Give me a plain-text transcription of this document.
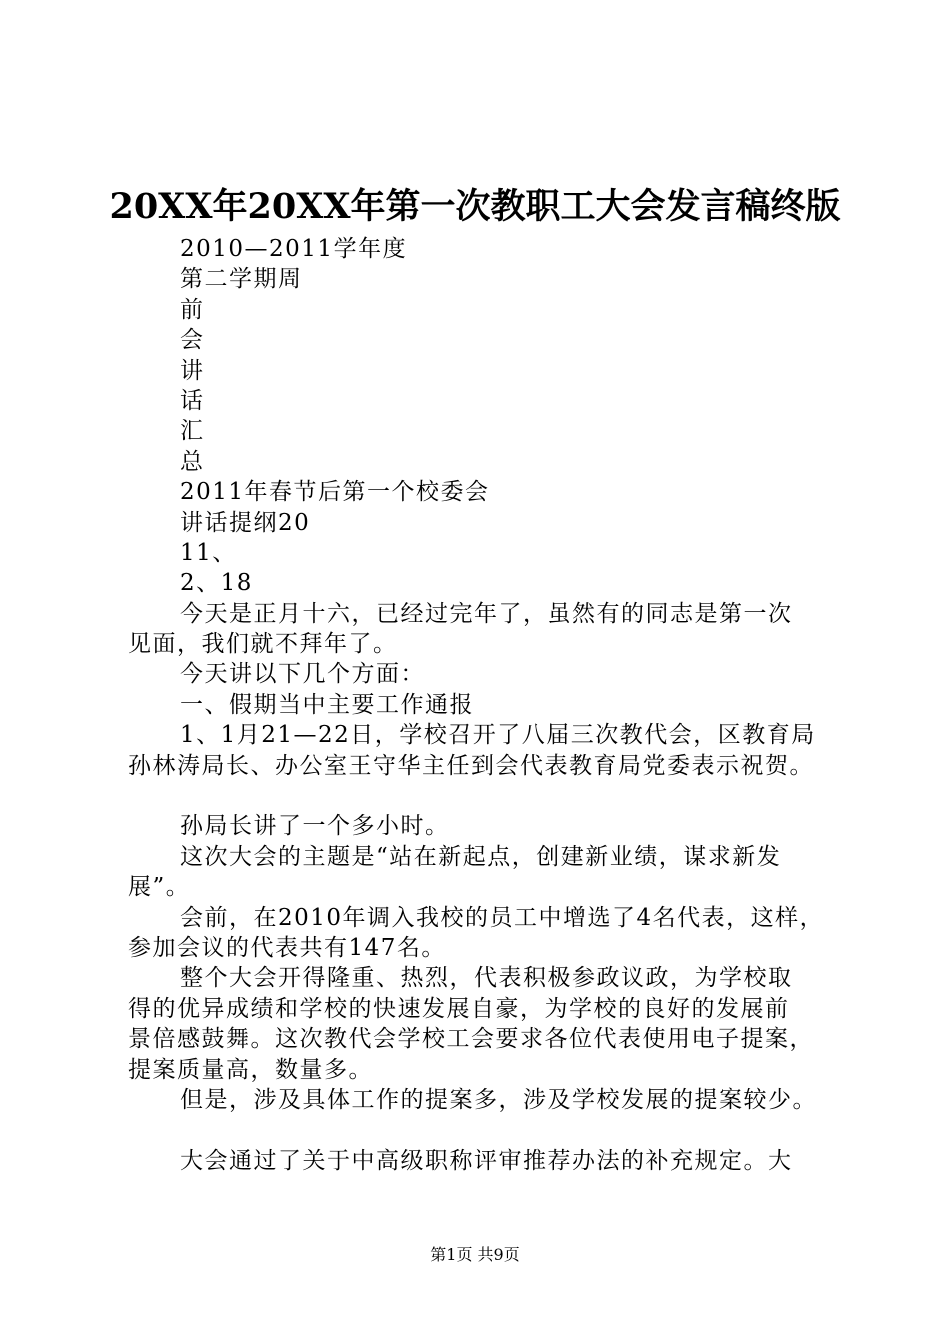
20XX年20XX年第一次教职工大会发言稿终版
2010—2011学年度
第二学期周
前
会
讲
话
汇
总
2011年春节后第一个校委会
讲话提纲20
11、
2、18
今天是正月十六，已经过完年了，虽然有的同志是第一次
见面，我们就不拜年了。
今天讲以下几个方面：
一、假期当中主要工作通报
1、1月21—22日，学校召开了八届三次教代会，区教育局
孙林涛局长、办公室王守华主任到会代表教育局党委表示祝贺。
孙局长讲了一个多小时。
这次大会的主题是“站在新起点，创建新业绩，谋求新发
展”。
会前，在2010年调入我校的员工中增选了4名代表，这样，
参加会议的代表共有147名。
整个大会开得隆重、热烈，代表积极参政议政，为学校取
得的优异成绩和学校的快速发展自豪，为学校的良好的发展前
景倍感鼓舞。这次教代会学校工会要求各位代表使用电子提案，
提案质量高，数量多。
但是，涉及具体工作的提案多，涉及学校发展的提案较少。
大会通过了关于中高级职称评审推荐办法的补充规定。大
第1页 共9页
